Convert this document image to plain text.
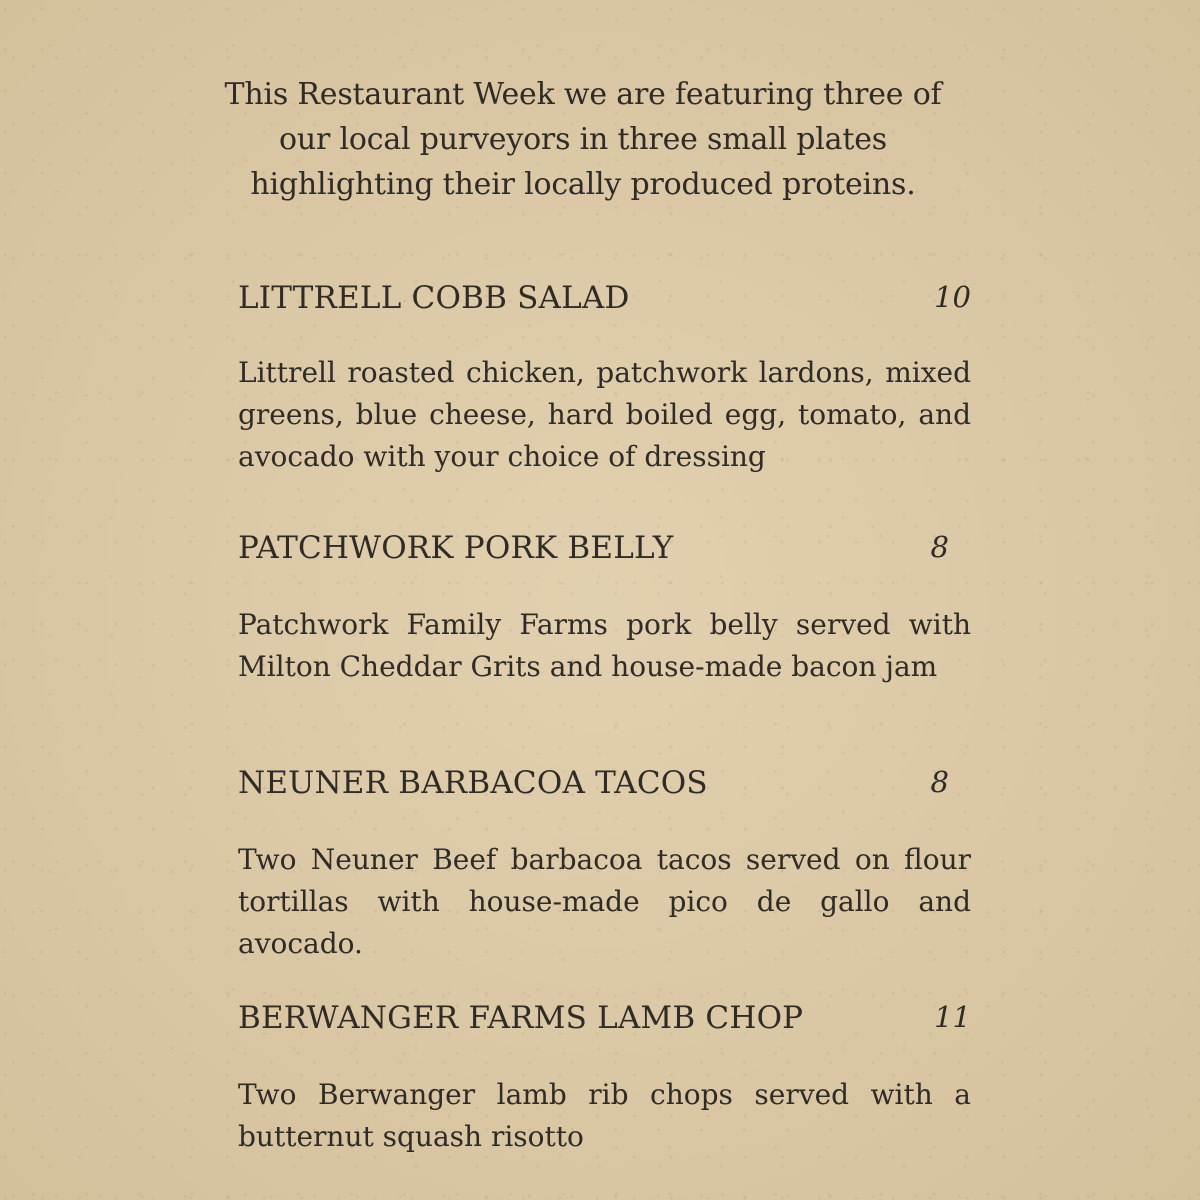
This Restaurant Week we are featuring three of our local purveyors in three small plates highlighting their locally produced proteins.

LITTRELL COBB SALAD	10

Littrell roasted chicken, patchwork lardons, mixed greens, blue cheese, hard boiled egg, tomato, and avocado with your choice of dressing

PATCHWORK PORK BELLY	8

Patchwork Family Farms pork belly served with Milton Cheddar Grits and house-made bacon jam

NEUNER BARBACOA TACOS	8

Two Neuner Beef barbacoa tacos served on flour tortillas with house-made pico de gallo and avocado.

BERWANGER FARMS LAMB CHOP	11

Two Berwanger lamb rib chops served with a butternut squash risotto
